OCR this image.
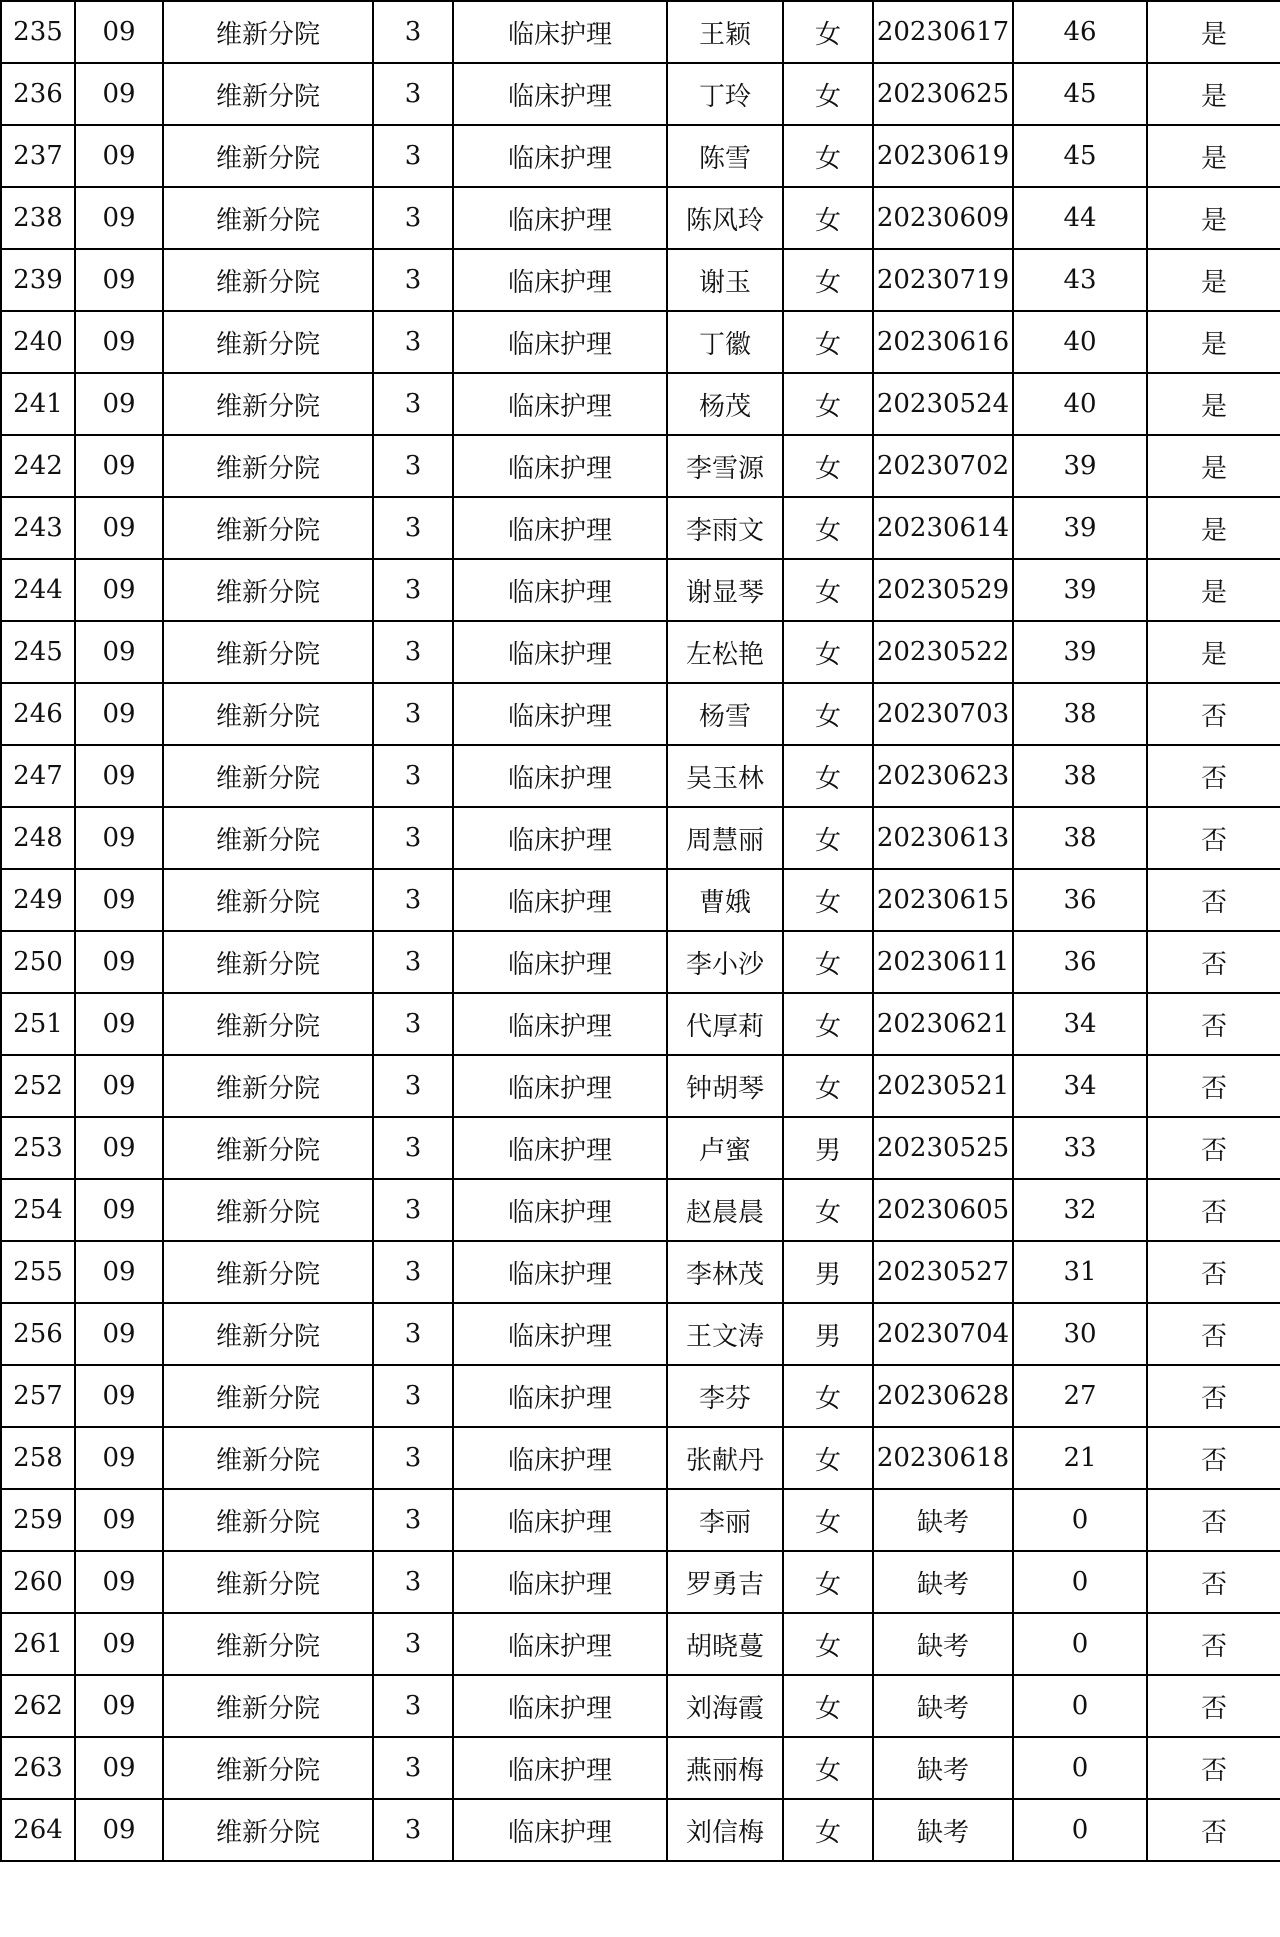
235	09	维新分院	3	临床护理	王颖	女	20230617	46	是
236	09	维新分院	3	临床护理	丁玲	女	20230625	45	是
237	09	维新分院	3	临床护理	陈雪	女	20230619	45	是
238	09	维新分院	3	临床护理	陈风玲	女	20230609	44	是
239	09	维新分院	3	临床护理	谢玉	女	20230719	43	是
240	09	维新分院	3	临床护理	丁徽	女	20230616	40	是
241	09	维新分院	3	临床护理	杨茂	女	20230524	40	是
242	09	维新分院	3	临床护理	李雪源	女	20230702	39	是
243	09	维新分院	3	临床护理	李雨文	女	20230614	39	是
244	09	维新分院	3	临床护理	谢显琴	女	20230529	39	是
245	09	维新分院	3	临床护理	左松艳	女	20230522	39	是
246	09	维新分院	3	临床护理	杨雪	女	20230703	38	否
247	09	维新分院	3	临床护理	吴玉林	女	20230623	38	否
248	09	维新分院	3	临床护理	周慧丽	女	20230613	38	否
249	09	维新分院	3	临床护理	曹娥	女	20230615	36	否
250	09	维新分院	3	临床护理	李小沙	女	20230611	36	否
251	09	维新分院	3	临床护理	代厚莉	女	20230621	34	否
252	09	维新分院	3	临床护理	钟胡琴	女	20230521	34	否
253	09	维新分院	3	临床护理	卢蜜	男	20230525	33	否
254	09	维新分院	3	临床护理	赵晨晨	女	20230605	32	否
255	09	维新分院	3	临床护理	李林茂	男	20230527	31	否
256	09	维新分院	3	临床护理	王文涛	男	20230704	30	否
257	09	维新分院	3	临床护理	李芬	女	20230628	27	否
258	09	维新分院	3	临床护理	张献丹	女	20230618	21	否
259	09	维新分院	3	临床护理	李丽	女	缺考	0	否
260	09	维新分院	3	临床护理	罗勇吉	女	缺考	0	否
261	09	维新分院	3	临床护理	胡晓蔓	女	缺考	0	否
262	09	维新分院	3	临床护理	刘海霞	女	缺考	0	否
263	09	维新分院	3	临床护理	燕丽梅	女	缺考	0	否
264	09	维新分院	3	临床护理	刘信梅	女	缺考	0	否
